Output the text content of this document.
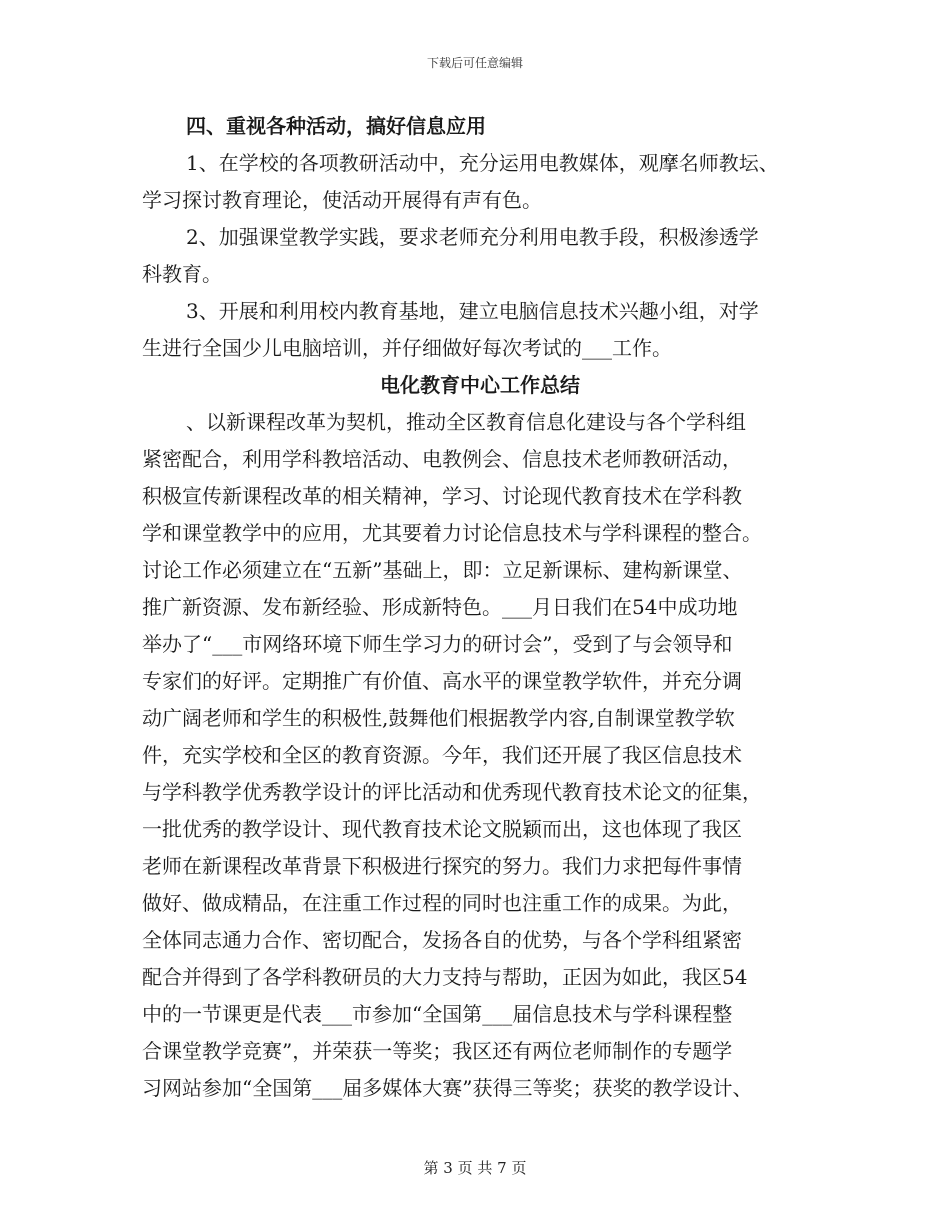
下载后可任意编辑
四、重视各种活动，搞好信息应用
1、在学校的各项教研活动中，充分运用电教媒体，观摩名师教坛、
学习探讨教育理论，使活动开展得有声有色。
2、加强课堂教学实践，要求老师充分利用电教手段，积极渗透学
科教育。
3、开展和利用校内教育基地，建立电脑信息技术兴趣小组，对学
生进行全国少儿电脑培训，并仔细做好每次考试的___工作。
电化教育中心工作总结
、以新课程改革为契机，推动全区教育信息化建设与各个学科组
紧密配合，利用学科教培活动、电教例会、信息技术老师教研活动，
积极宣传新课程改革的相关精神，学习、讨论现代教育技术在学科教
学和课堂教学中的应用，尤其要着力讨论信息技术与学科课程的整合。
讨论工作必须建立在“五新”基础上，即：立足新课标、建构新课堂、
推广新资源、发布新经验、形成新特色。___月日我们在54中成功地
举办了“___市网络环境下师生学习力的研讨会”，受到了与会领导和
专家们的好评。定期推广有价值、高水平的课堂教学软件，并充分调
动广阔老师和学生的积极性,鼓舞他们根据教学内容,自制课堂教学软
件，充实学校和全区的教育资源。今年，我们还开展了我区信息技术
与学科教学优秀教学设计的评比活动和优秀现代教育技术论文的征集，
一批优秀的教学设计、现代教育技术论文脱颖而出，这也体现了我区
老师在新课程改革背景下积极进行探究的努力。我们力求把每件事情
做好、做成精品，在注重工作过程的同时也注重工作的成果。为此，
全体同志通力合作、密切配合，发扬各自的优势，与各个学科组紧密
配合并得到了各学科教研员的大力支持与帮助，正因为如此，我区54
中的一节课更是代表___市参加“全国第___届信息技术与学科课程整
合课堂教学竞赛”，并荣获一等奖；我区还有两位老师制作的专题学
习网站参加“全国第___届多媒体大赛”获得三等奖；获奖的教学设计、
第 3 页 共 7 页
